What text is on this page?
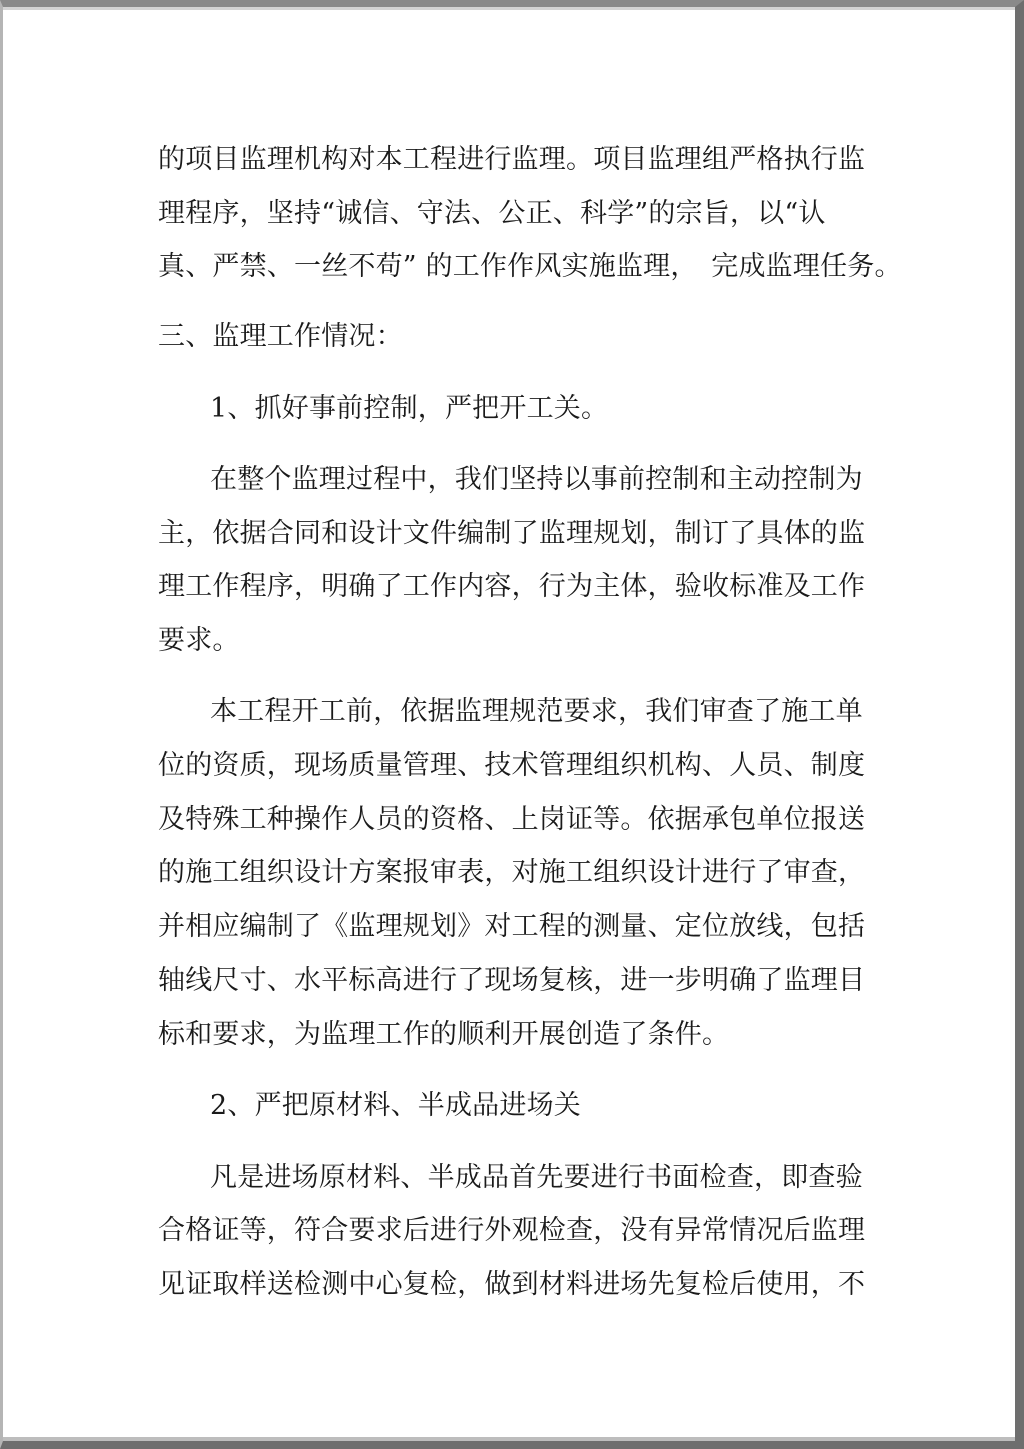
的项目监理机构对本工程进行监理。项目监理组严格执行监
理程序，坚持“诚信、守法、公正、科学”的宗旨，以“认
真、严禁、一丝不苟” 的工作作风实施监理，　完成监理任务。
三、监理工作情况：
1、抓好事前控制，严把开工关。
在整个监理过程中，我们坚持以事前控制和主动控制为
主，依据合同和设计文件编制了监理规划，制订了具体的监
理工作程序，明确了工作内容，行为主体，验收标准及工作
要求。
本工程开工前，依据监理规范要求，我们审查了施工单
位的资质，现场质量管理、技术管理组织机构、人员、制度
及特殊工种操作人员的资格、上岗证等。依据承包单位报送
的施工组织设计方案报审表，对施工组织设计进行了审查，
并相应编制了《监理规划》对工程的测量、定位放线，包括
轴线尺寸、水平标高进行了现场复核，进一步明确了监理目
标和要求，为监理工作的顺利开展创造了条件。
2、严把原材料、半成品进场关
凡是进场原材料、半成品首先要进行书面检查，即查验
合格证等，符合要求后进行外观检查，没有异常情况后监理
见证取样送检测中心复检，做到材料进场先复检后使用，不
